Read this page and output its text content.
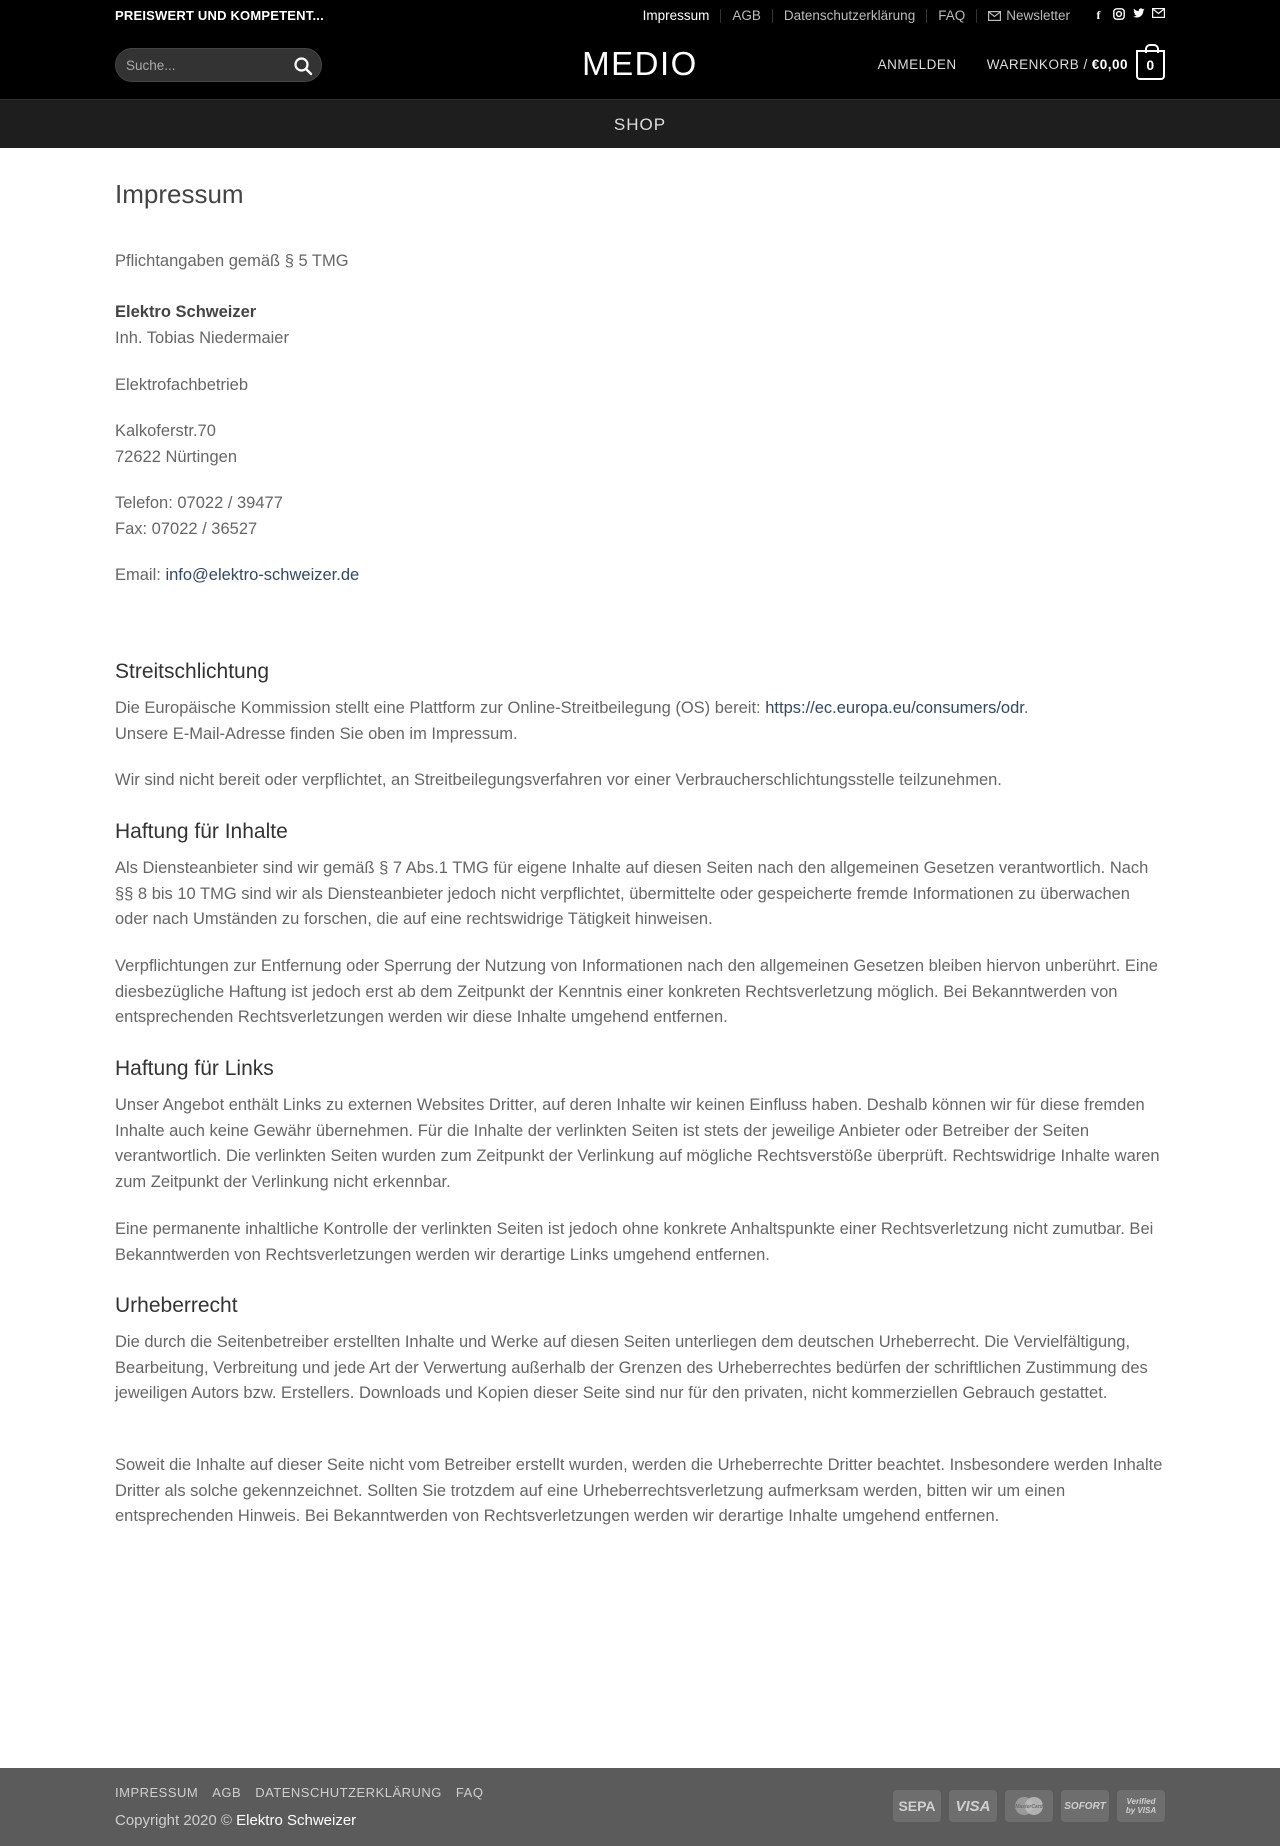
PREISWERT UND KOMPETENT...	Impressum	AGB	Datenschutzerklärung	FAQ	Newsletter	f
Suche...
MEDIO	ANMELDEN WARENKORB / €0,00 0
SHOP
Impressum
Pflichtangaben gemäß § 5 TMG
Elektro Schweizer
Inh. Tobias Niedermaier
Elektrofachbetrieb
Kalkoferstr.70
72622 Nürtingen
Telefon: 07022 / 39477
Fax: 07022 / 36527
Email: info@elektro-schweizer.de
Streitschlichtung
Die Europäische Kommission stellt eine Plattform zur Online-Streitbeilegung (OS) bereit: https://ec.europa.eu/consumers/odr.
Unsere E-Mail-Adresse finden Sie oben im Impressum.
Wir sind nicht bereit oder verpflichtet, an Streitbeilegungsverfahren vor einer Verbraucherschlichtungsstelle teilzunehmen.
Haftung für Inhalte
Als Diensteanbieter sind wir gemäß § 7 Abs.1 TMG für eigene Inhalte auf diesen Seiten nach den allgemeinen Gesetzen verantwortlich. Nach §§ 8 bis 10 TMG sind wir als Diensteanbieter jedoch nicht verpflichtet, übermittelte oder gespeicherte fremde Informationen zu überwachen oder nach Umständen zu forschen, die auf eine rechtswidrige Tätigkeit hinweisen.
Verpflichtungen zur Entfernung oder Sperrung der Nutzung von Informationen nach den allgemeinen Gesetzen bleiben hiervon unberührt. Eine diesbezügliche Haftung ist jedoch erst ab dem Zeitpunkt der Kenntnis einer konkreten Rechtsverletzung möglich. Bei Bekanntwerden von entsprechenden Rechtsverletzungen werden wir diese Inhalte umgehend entfernen.
Haftung für Links
Unser Angebot enthält Links zu externen Websites Dritter, auf deren Inhalte wir keinen Einfluss haben. Deshalb können wir für diese fremden Inhalte auch keine Gewähr übernehmen. Für die Inhalte der verlinkten Seiten ist stets der jeweilige Anbieter oder Betreiber der Seiten verantwortlich. Die verlinkten Seiten wurden zum Zeitpunkt der Verlinkung auf mögliche Rechtsverstöße überprüft. Rechtswidrige Inhalte waren zum Zeitpunkt der Verlinkung nicht erkennbar.
Eine permanente inhaltliche Kontrolle der verlinkten Seiten ist jedoch ohne konkrete Anhaltspunkte einer Rechtsverletzung nicht zumutbar. Bei Bekanntwerden von Rechtsverletzungen werden wir derartige Links umgehend entfernen.
Urheberrecht
Die durch die Seitenbetreiber erstellten Inhalte und Werke auf diesen Seiten unterliegen dem deutschen Urheberrecht. Die Vervielfältigung, Bearbeitung, Verbreitung und jede Art der Verwertung außerhalb der Grenzen des Urheberrechtes bedürfen der schriftlichen Zustimmung des jeweiligen Autors bzw. Erstellers. Downloads und Kopien dieser Seite sind nur für den privaten, nicht kommerziellen Gebrauch gestattet.
Soweit die Inhalte auf dieser Seite nicht vom Betreiber erstellt wurden, werden die Urheberrechte Dritter beachtet. Insbesondere werden Inhalte Dritter als solche gekennzeichnet. Sollten Sie trotzdem auf eine Urheberrechtsverletzung aufmerksam werden, bitten wir um einen entsprechenden Hinweis. Bei Bekanntwerden von Rechtsverletzungen werden wir derartige Inhalte umgehend entfernen.
IMPRESSUM AGB DATENSCHUTZERKLÄRUNG FAQ
Copyright 2020 © Elektro Schweizer
SEPA	VISA	MasterCard	SOFORT	Verified by VISA
